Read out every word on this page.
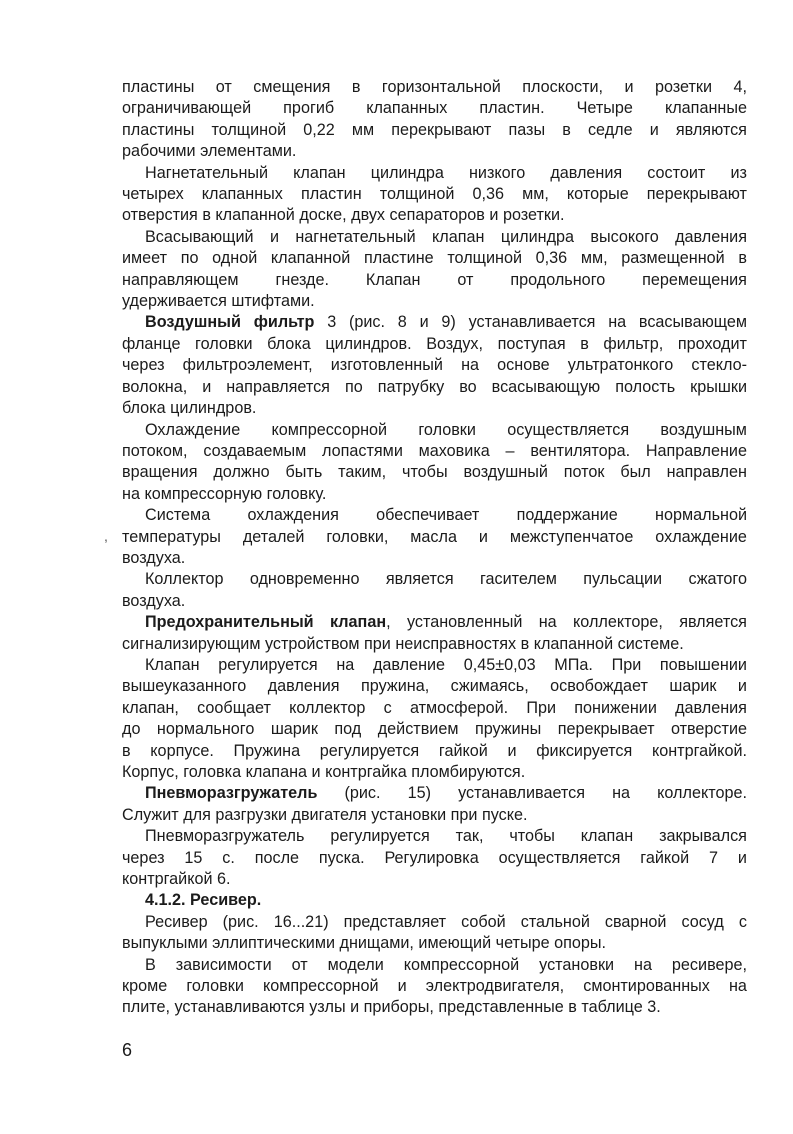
пластины от смещения в горизонтальной плоскости, и розетки 4,
ограничивающей прогиб клапанных пластин. Четыре клапанные
пластины толщиной 0,22 мм перекрывают пазы в седле и являются
рабочими элементами.
Нагнетательный клапан цилиндра низкого давления состоит из
четырех клапанных пластин толщиной 0,36 мм, которые перекрывают
отверстия в клапанной доске, двух сепараторов и розетки.
Всасывающий и нагнетательный клапан цилиндра высокого давления
имеет по одной клапанной пластине толщиной 0,36 мм, размещенной в
направляющем гнезде. Клапан от продольного перемещения
удерживается штифтами.
Воздушный фильтр 3 (рис. 8 и 9) устанавливается на всасывающем
фланце головки блока цилиндров. Воздух, поступая в фильтр, проходит
через фильтроэлемент, изготовленный на основе ультратонкого стекло-
волокна, и направляется по патрубку во всасывающую полость крышки
блока цилиндров.
Охлаждение компрессорной головки осуществляется воздушным
потоком, создаваемым лопастями маховика – вентилятора. Направление
вращения должно быть таким, чтобы воздушный поток был направлен
на компрессорную головку.
Система охлаждения обеспечивает поддержание нормальной
температуры деталей головки, масла и межступенчатое охлаждение
воздуха.
Коллектор одновременно является гасителем пульсации сжатого
воздуха.
Предохранительный клапан, установленный на коллекторе, является
сигнализирующим устройством при неисправностях в клапанной системе.
Клапан регулируется на давление 0,45±0,03 МПа. При повышении
вышеуказанного давления пружина, сжимаясь, освобождает шарик и
клапан, сообщает коллектор с атмосферой. При понижении давления
до нормального шарик под действием пружины перекрывает отверстие
в корпусе. Пружина регулируется гайкой и фиксируется контргайкой.
Корпус, головка клапана и контргайка пломбируются.
Пневморазгружатель (рис. 15) устанавливается на коллекторе.
Служит для разгрузки двигателя установки при пуске.
Пневморазгружатель регулируется так, чтобы клапан закрывался
через 15 с. после пуска. Регулировка осуществляется гайкой 7 и
контргайкой 6.
4.1.2. Ресивер.
Ресивер (рис. 16...21) представляет собой стальной сварной сосуд с
выпуклыми эллиптическими днищами, имеющий четыре опоры.
В зависимости от модели компрессорной установки на ресивере,
кроме головки компрессорной и электродвигателя, смонтированных на
плите, устанавливаются узлы и приборы, представленные в таблице 3.
6
,
